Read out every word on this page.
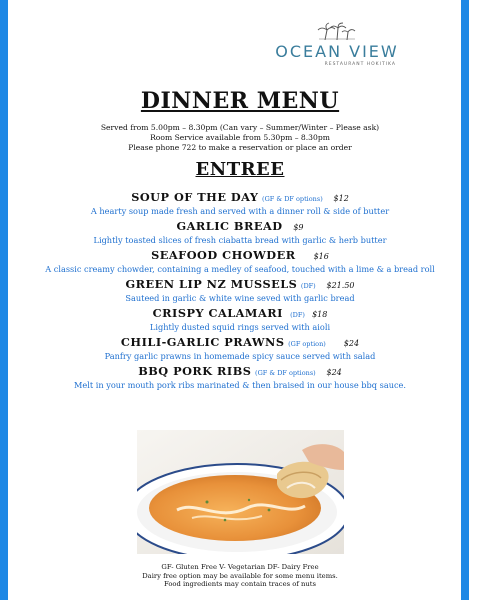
OCEAN VIEW
RESTAURANT HOKITIKA
DINNER MENU
Served from 5.00pm – 8.30pm (Can vary – Summer/Winter – Please ask)
Room Service available from 5.30pm – 8.30pm
Please phone 722 to make a reservation or place an order
ENTREE
SOUP OF THE DAY (GF & DF options) $12
A hearty soup made fresh and served with a dinner roll & side of butter
GARLIC BREAD $9
Lightly toasted slices of fresh ciabatta bread with garlic & herb butter
SEAFOOD CHOWDER $16
A classic creamy chowder, containing a medley of seafood, touched with a lime & a bread roll
GREEN LIP NZ MUSSELS (DF) $21.50
Sauteed in garlic & white wine seved with garlic bread
CRISPY CALAMARI (DF) $18
Lightly dusted squid rings served with aioli
CHILI-GARLIC PRAWNS (GF option) $24
Panfry garlic prawns in homemade spicy sauce served with salad
BBQ PORK RIBS (GF & DF options) $24
Melt in your mouth pork ribs marinated & then braised in our house bbq sauce.
GF- Gluten Free V- Vegetarian DF- Dairy Free
Dairy free option may be available for some menu items.
Food ingredients may contain traces of nuts
